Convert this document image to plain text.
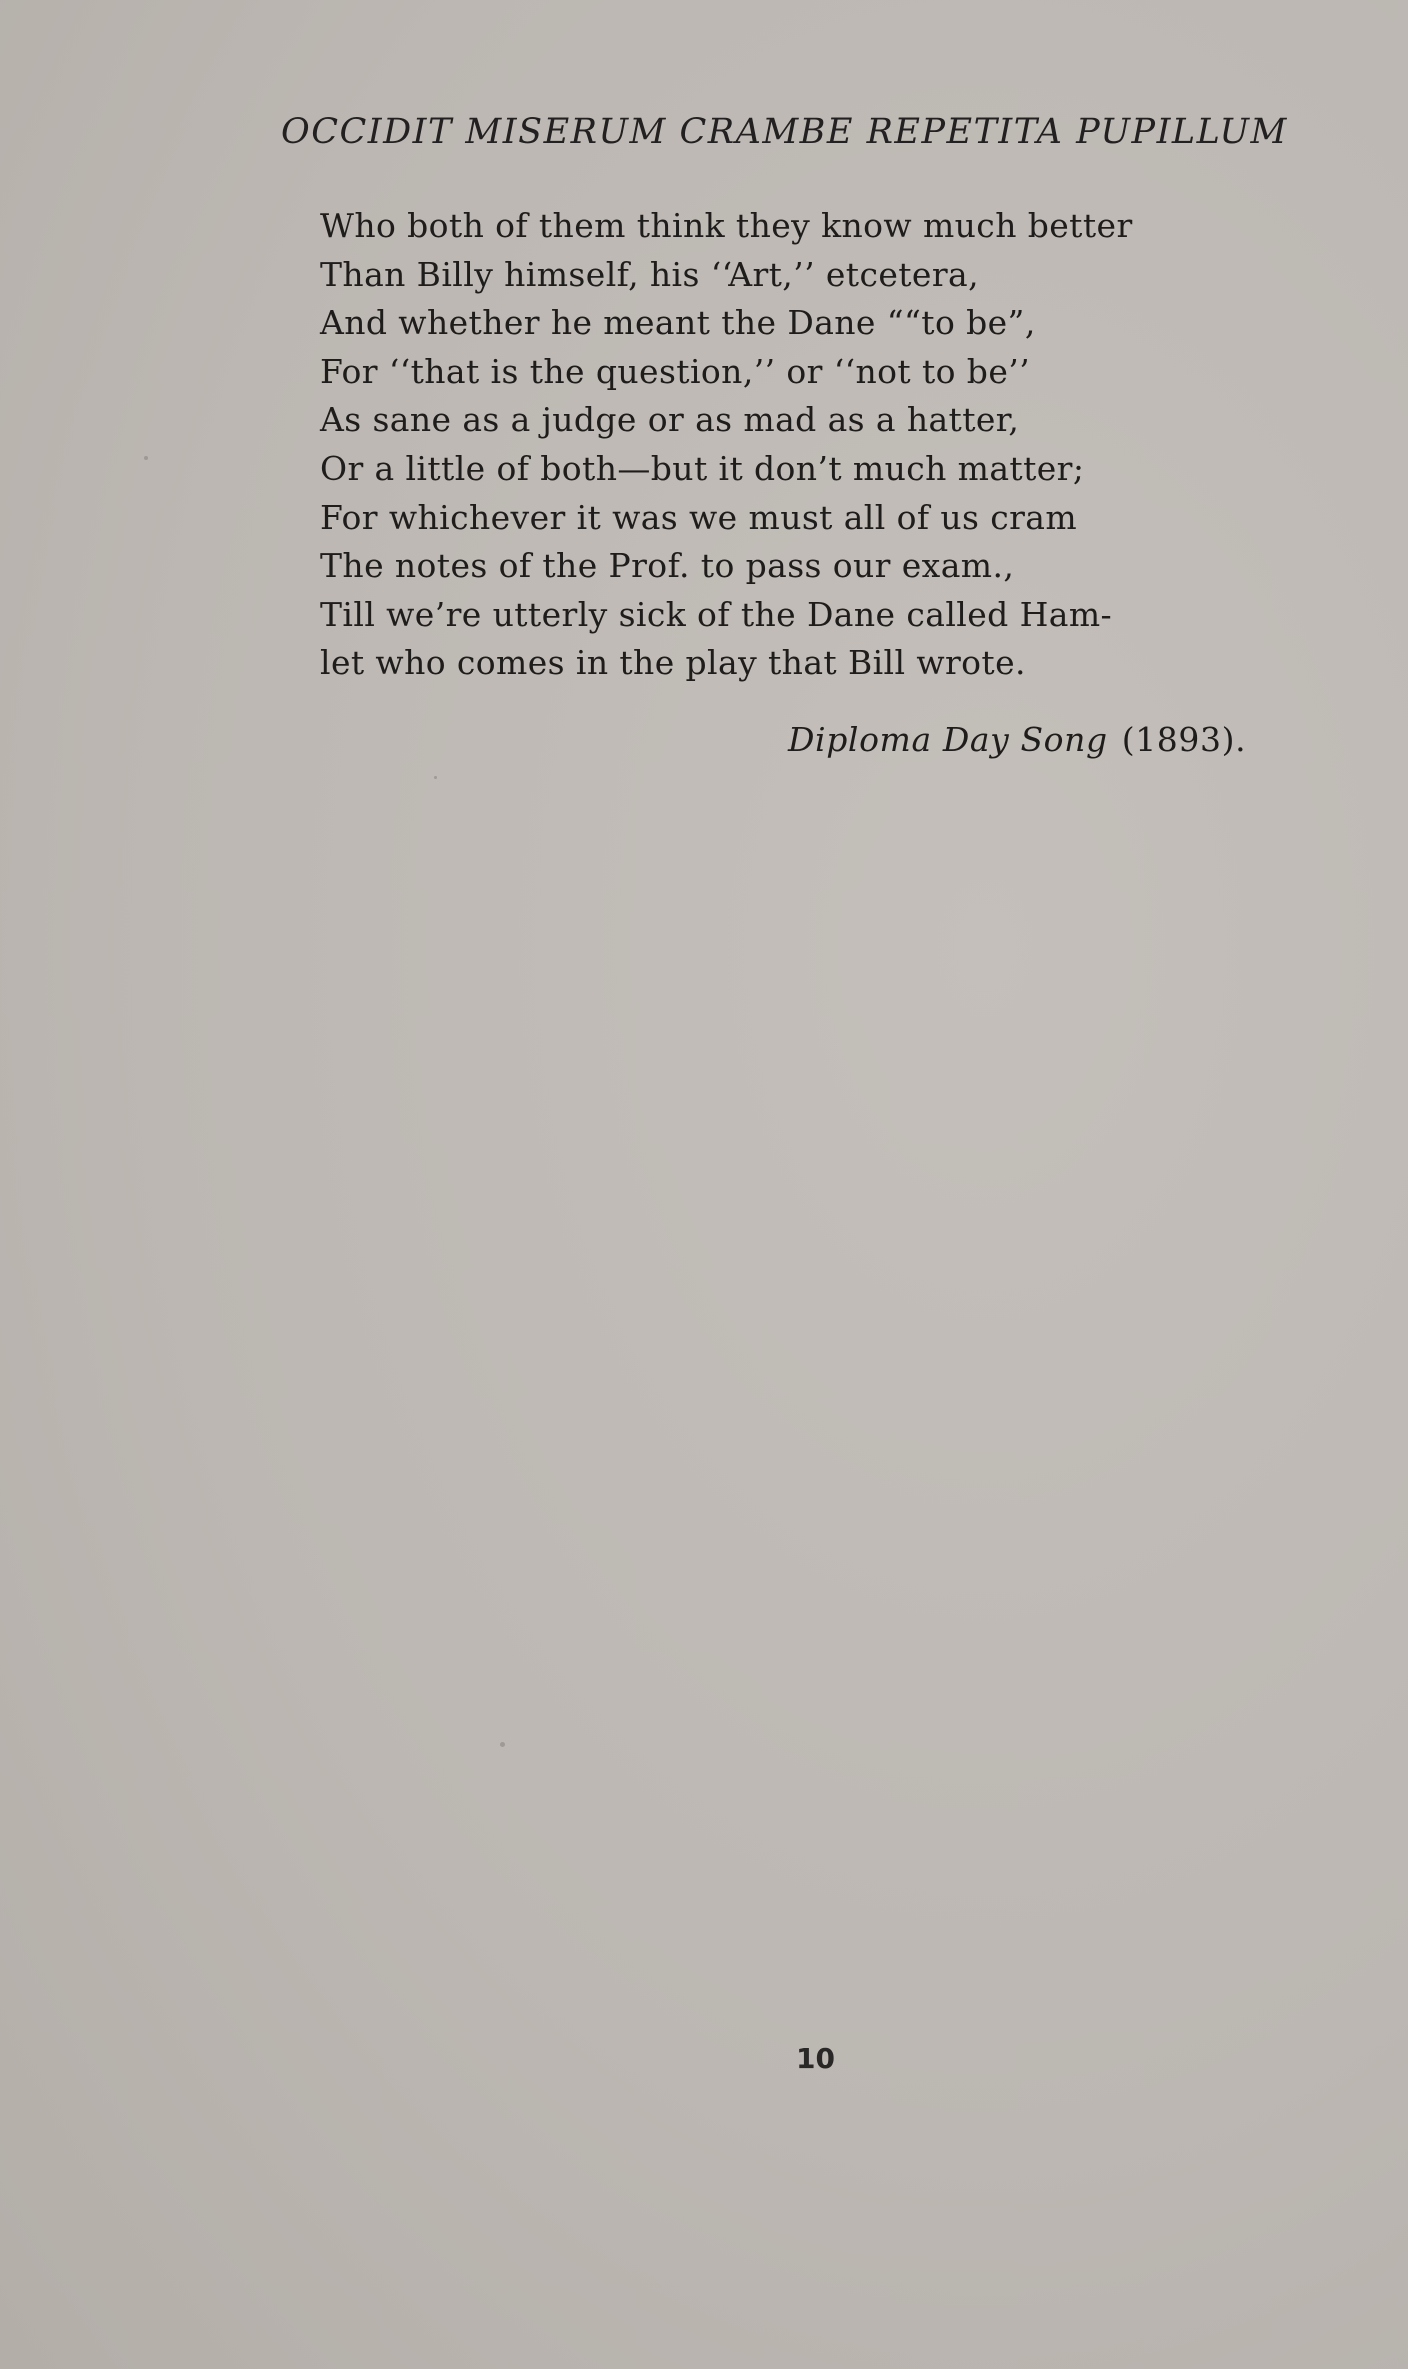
OCCIDIT MISERUM CRAMBE REPETITA PUPILLUM
Who both of them think they know much better
Than Billy himself, his ‘‘Art,’’ etcetera,
And whether he meant the Dane ““to be”,
For ‘‘that is the question,’’ or ‘‘not to be’’
As sane as a judge or as mad as a hatter,
Or a little of both—but it don’t much matter;
For whichever it was we must all of us cram
The notes of the Prof. to pass our exam.,
Till we’re utterly sick of the Dane called Ham-
let who comes in the play that Bill wrote.
Diploma Day Song (1893).
10
